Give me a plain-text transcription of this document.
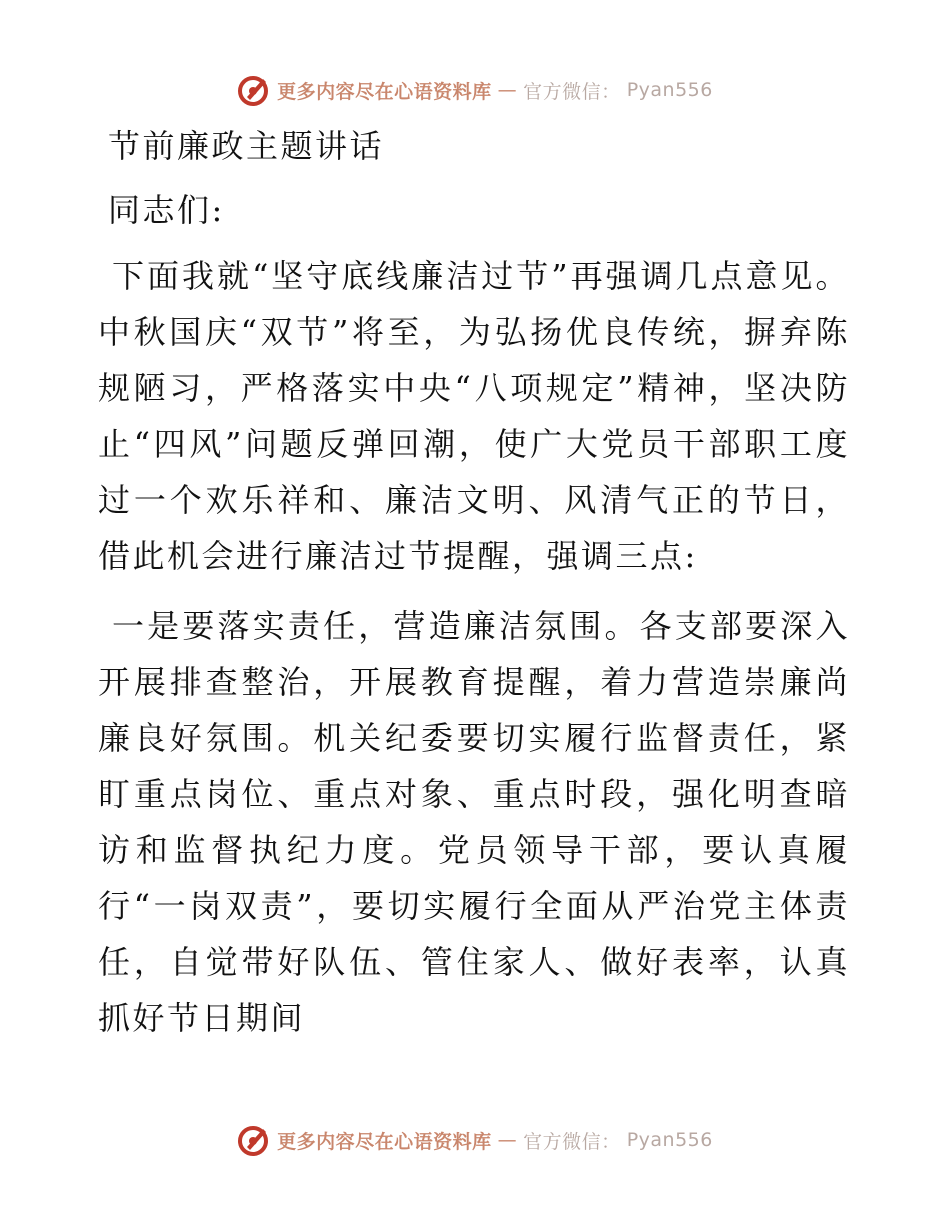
更多内容尽在心语资料库 — 官方微信： Pyan556

节前廉政主题讲话

同志们:

下面我就“坚守底线廉洁过节”再强调几点意见。中秋国庆“双节”将至，为弘扬优良传统，摒弃陈规陋习，严格落实中央“八项规定”精神，坚决防止“四风”问题反弹回潮，使广大党员干部职工度过一个欢乐祥和、廉洁文明、风清气正的节日，借此机会进行廉洁过节提醒，强调三点:

一是要落实责任，营造廉洁氛围。各支部要深入开展排查整治，开展教育提醒，着力营造崇廉尚廉良好氛围。机关纪委要切实履行监督责任，紧盯重点岗位、重点对象、重点时段，强化明查暗访和监督执纪力度。党员领导干部，要认真履行“一岗双责”，要切实履行全面从严治党主体责任，自觉带好队伍、管住家人、做好表率，认真抓好节日期间

更多内容尽在心语资料库 — 官方微信： Pyan556
